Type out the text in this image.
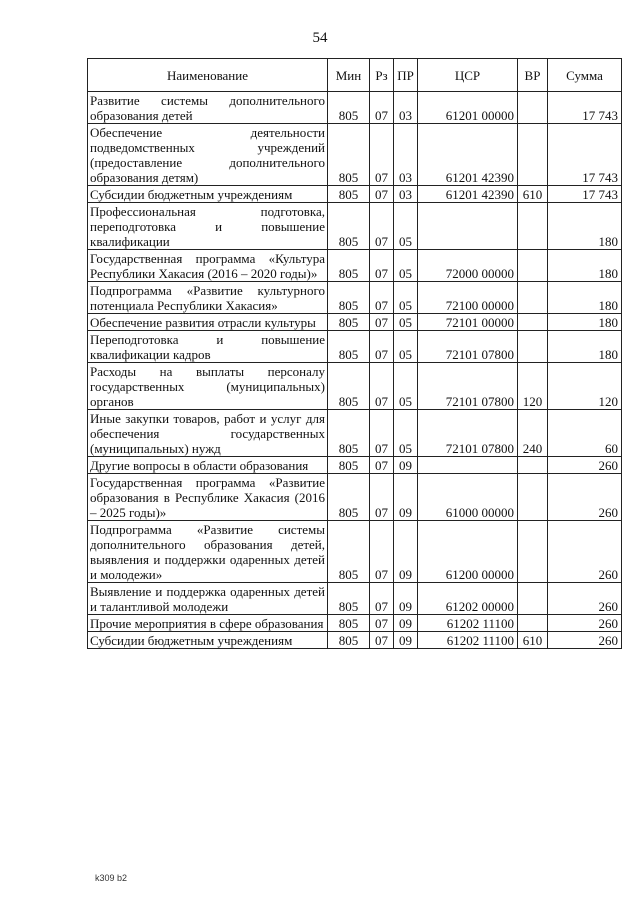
54
Наименование	Мин	Рз	ПР	ЦСР	ВР	Сумма
Развитие системы дополнительного образования детей	805	07	03	61201 00000		17 743
Обеспечение деятельности подведомственных учреждений (предоставление дополнительного образования детям)	805	07	03	61201 42390		17 743
Субсидии бюджетным учреждениям	805	07	03	61201 42390	610	17 743
Профессиональная подготовка, переподготовка и повышение квалификации	805	07	05			180
Государственная программа «Культура Республики Хакасия (2016 – 2020 годы)»	805	07	05	72000 00000		180
Подпрограмма «Развитие культурного потенциала Республики Хакасия»	805	07	05	72100 00000		180
Обеспечение развития отрасли культуры	805	07	05	72101 00000		180
Переподготовка и повышение квалификации кадров	805	07	05	72101 07800		180
Расходы на выплаты персоналу государственных (муниципальных) органов	805	07	05	72101 07800	120	120
Иные закупки товаров, работ и услуг для обеспечения государственных (муниципальных) нужд	805	07	05	72101 07800	240	60
Другие вопросы в области образования	805	07	09			260
Государственная программа «Развитие образования в Республике Хакасия (2016 – 2025 годы)»	805	07	09	61000 00000		260
Подпрограмма «Развитие системы дополнительного образования детей, выявления и поддержки одаренных детей и молодежи»	805	07	09	61200 00000		260
Выявление и поддержка одаренных детей и талантливой молодежи	805	07	09	61202 00000		260
Прочие мероприятия в сфере образования	805	07	09	61202 11100		260
Субсидии бюджетным учреждениям	805	07	09	61202 11100	610	260
k309 b2
